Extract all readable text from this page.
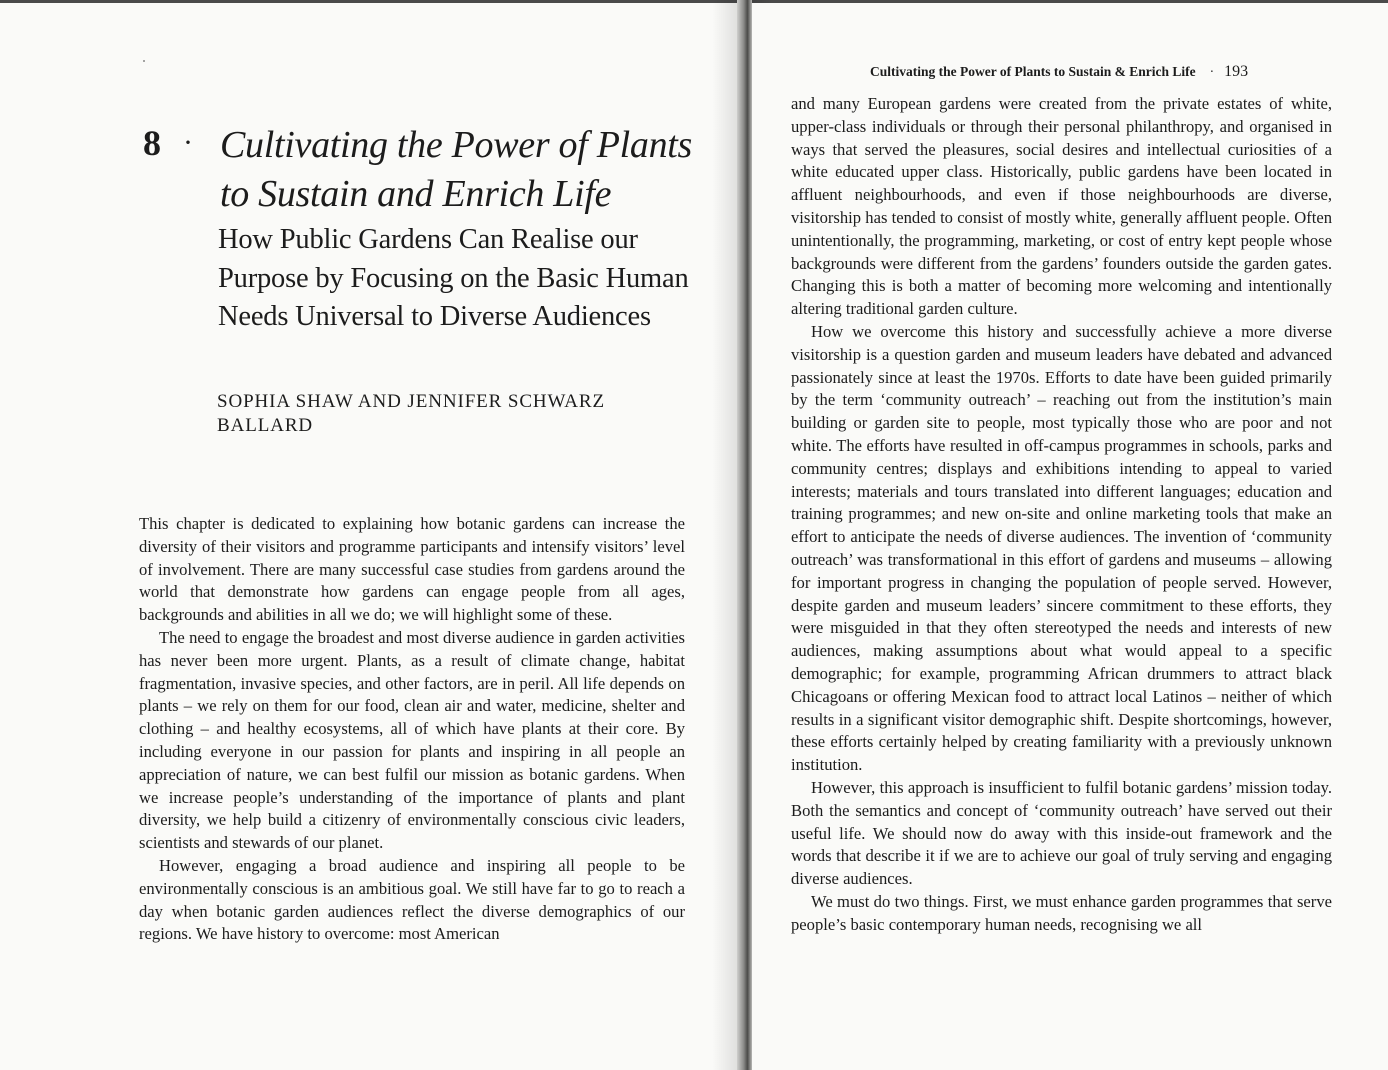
8 · Cultivating the Power of Plants to Sustain and Enrich Life
How Public Gardens Can Realise our Purpose by Focusing on the Basic Human Needs Universal to Diverse Audiences
SOPHIA SHAW AND JENNIFER SCHWARZ BALLARD

This chapter is dedicated to explaining how botanic gardens can increase the diversity of their visitors and programme participants and intensify visitors’ level of involvement. There are many successful case studies from gardens around the world that demonstrate how gardens can engage people from all ages, backgrounds and abilities in all we do; we will highlight some of these.

The need to engage the broadest and most diverse audience in garden activities has never been more urgent. Plants, as a result of climate change, habitat fragmentation, invasive species, and other factors, are in peril. All life depends on plants – we rely on them for our food, clean air and water, medicine, shelter and clothing – and healthy ecosystems, all of which have plants at their core. By including everyone in our passion for plants and inspiring in all people an appreciation of nature, we can best fulfil our mission as botanic gardens. When we increase people’s understanding of the importance of plants and plant diversity, we help build a citizenry of environmentally conscious civic leaders, scientists and stewards of our planet.

However, engaging a broad audience and inspiring all people to be environmentally conscious is an ambitious goal. We still have far to go to reach a day when botanic garden audiences reflect the diverse demographics of our regions. We have history to overcome: most American

Cultivating the Power of Plants to Sustain & Enrich Life · 193

and many European gardens were created from the private estates of white, upper-class individuals or through their personal philanthropy, and organised in ways that served the pleasures, social desires and intellectual curiosities of a white educated upper class. Historically, public gardens have been located in affluent neighbourhoods, and even if those neighbourhoods are diverse, visitorship has tended to consist of mostly white, generally affluent people. Often unintentionally, the programming, marketing, or cost of entry kept people whose backgrounds were different from the gardens’ founders outside the garden gates. Changing this is both a matter of becoming more welcoming and intentionally altering traditional garden culture.

How we overcome this history and successfully achieve a more diverse visitorship is a question garden and museum leaders have debated and advanced passionately since at least the 1970s. Efforts to date have been guided primarily by the term ‘community outreach’ – reaching out from the institution’s main building or garden site to people, most typically those who are poor and not white. The efforts have resulted in off-campus programmes in schools, parks and community centres; displays and exhibitions intending to appeal to varied interests; materials and tours translated into different languages; education and training programmes; and new on-site and online marketing tools that make an effort to anticipate the needs of diverse audiences. The invention of ‘community outreach’ was transformational in this effort of gardens and museums – allowing for important progress in changing the population of people served. However, despite garden and museum leaders’ sincere commitment to these efforts, they were misguided in that they often stereotyped the needs and interests of new audiences, making assumptions about what would appeal to a specific demographic; for example, programming African drummers to attract black Chicagoans or offering Mexican food to attract local Latinos – neither of which results in a significant visitor demographic shift. Despite shortcomings, however, these efforts certainly helped by creating familiarity with a previously unknown institution.

However, this approach is insufficient to fulfil botanic gardens’ mission today. Both the semantics and concept of ‘community outreach’ have served out their useful life. We should now do away with this inside-out framework and the words that describe it if we are to achieve our goal of truly serving and engaging diverse audiences.

We must do two things. First, we must enhance garden programmes that serve people’s basic contemporary human needs, recognising we all
